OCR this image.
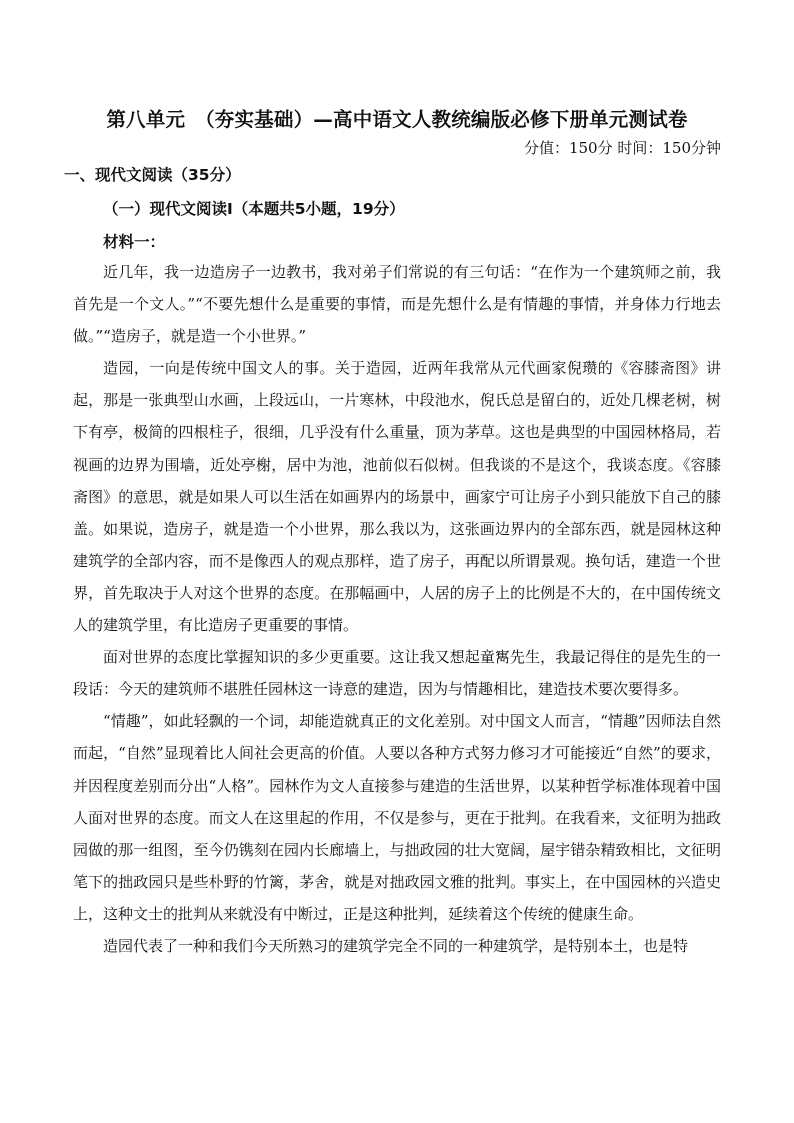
第八单元　（夯实基础）—高中语文人教统编版必修下册单元测试卷
分值：150分 时间：150分钟
一、现代文阅读（35分）
（一）现代文阅读Ⅰ（本题共5小题，19分）
材料一：

近几年，我一边造房子一边教书，我对弟子们常说的有三句话：“在作为一个建筑师之前，我首先是一个文人。”“不要先想什么是重要的事情，而是先想什么是有情趣的事情，并身体力行地去做。”“造房子，就是造一个小世界。”

造园，一向是传统中国文人的事。关于造园，近两年我常从元代画家倪瓒的《容膝斋图》讲起，那是一张典型山水画，上段远山，一片寒林，中段池水，倪氏总是留白的，近处几棵老树，树下有亭，极简的四根柱子，很细，几乎没有什么重量，顶为茅草。这也是典型的中国园林格局，若视画的边界为围墙，近处亭榭，居中为池，池前似石似树。但我谈的不是这个，我谈态度。《容膝斋图》的意思，就是如果人可以生活在如画界内的场景中，画家宁可让房子小到只能放下自己的膝盖。如果说，造房子，就是造一个小世界，那么我以为，这张画边界内的全部东西，就是园林这种建筑学的全部内容，而不是像西人的观点那样，造了房子，再配以所谓景观。换句话，建造一个世界，首先取决于人对这个世界的态度。在那幅画中，人居的房子上的比例是不大的，在中国传统文人的建筑学里，有比造房子更重要的事情。

面对世界的态度比掌握知识的多少更重要。这让我又想起童寯先生，我最记得住的是先生的一段话：今天的建筑师不堪胜任园林这一诗意的建造，因为与情趣相比，建造技术要次要得多。

“情趣”，如此轻飘的一个词，却能造就真正的文化差别。对中国文人而言，“情趣”因师法自然而起，“自然”显现着比人间社会更高的价值。人要以各种方式努力修习才可能接近“自然”的要求，并因程度差别而分出“人格”。园林作为文人直接参与建造的生活世界，以某种哲学标准体现着中国人面对世界的态度。而文人在这里起的作用，不仅是参与，更在于批判。在我看来，文征明为拙政园做的那一组图，至今仍镌刻在园内长廊墙上，与拙政园的壮大宽阔，屋宇错杂精致相比，文征明笔下的拙政园只是些朴野的竹篱，茅舍，就是对拙政园文雅的批判。事实上，在中国园林的兴造史上，这种文士的批判从来就没有中断过，正是这种批判，延续着这个传统的健康生命。

造园代表了一种和我们今天所熟习的建筑学完全不同的一种建筑学，是特别本土，也是特
